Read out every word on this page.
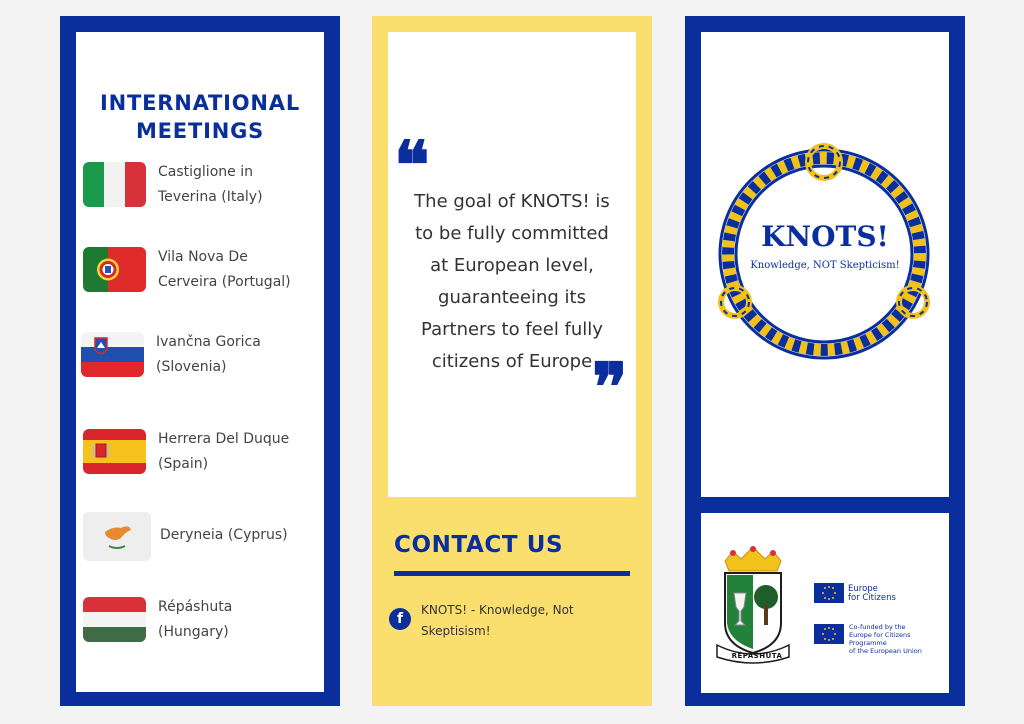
INTERNATIONAL
MEETINGS
Castiglione in
Teverina (Italy)
Vila Nova De
Cerveira (Portugal)
Ivančna Gorica
(Slovenia)
Herrera Del Duque
(Spain)
Deryneia (Cyprus)
Répáshuta
(Hungary)
❝
The goal of KNOTS! is
to be fully committed
at European level,
guaranteeing its
Partners to feel fully
citizens of Europe ❞
CONTACT US
f
KNOTS! - Knowledge, Not
Skeptisism!
KNOTS!
Knowledge, NOT Skepticism!
RÉPÁSHUTA
Europe
for Citizens
Co-funded by the
Europe for Citizens Programme
of the European Union
